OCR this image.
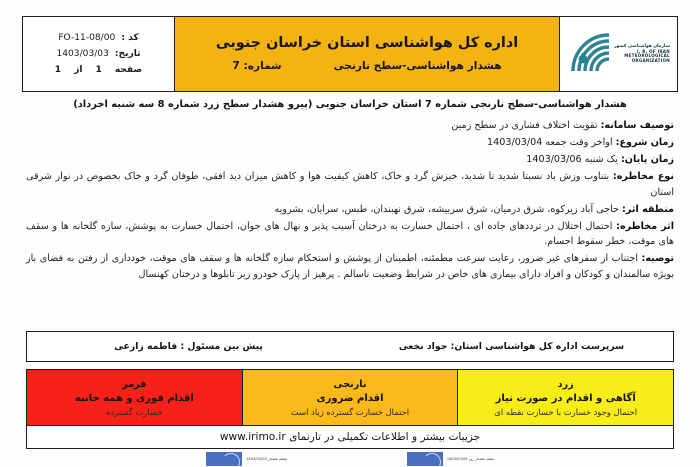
سازمان هواشناسی کشور
I. R. OF IRAN
METEOROLOGICAL
ORGANIZATION
اداره کل هواشناسی استان خراسان جنوبی
هشدار هواشناسی-سطح نارنجی
شماره: 7
کد :
FO-11-08/00
تاریخ:
1403/03/03
صفحه
1
از
1
هشدار هواشناسی-سطح نارنجی شماره 7 استان خراسان جنوبی (پیرو هشدار سطح زرد شماره 8 سه شنبه اخرداد)
توصیف سامانه: تقویت اختلاف فشاری در سطح زمین
زمان شروع: اواخر وقت جمعه 1403/03/04
زمان پایان: یک شنبه 1403/03/06
نوع مخاطره: بتناوب وزش باد نسبتا شدید تا شدید، خیزش گرد و خاک، کاهش کیفیت هوا و کاهش میزان دید افقی، طوفان گرد و خاک بخصوص در نوار شرقی استان
منطقه اثر: حاجی آباد زیرکوه، شرق درمیان، شرق سربیشه، شرق نهبندان، طبس، سرایان، بشرویه
اثر مخاطره: احتمال اختلال در ترددهای جاده ای ، احتمال خسارت به درختان آسیب پذیر و نهال های جوان، احتمال خسارت به پوشش، سازه گلخانه ها و سقف های موقت، خطر سقوط اجسام.
توصیه: اجتناب از سفرهای غیر ضرور، رعایت سرعت مطمئنه، اطمینان از پوشش و استحکام سازه گلخانه ها و سقف های موقت، خودداری از رفتن به فضای باز بویژه سالمندان و کودکان و افراد دارای بیماری های خاص در شرایط وضعیت ناسالم . پرهیز از پارک خودرو زیر تابلوها و درختان کهنسال
سرپرست اداره کل هواشناسی استان: جواد نخعی
پیش بین مسئول : فاطمه زارعی
زرد
آگاهی و اقدام در صورت نیاز
احتمال وجود خسارت با خسارت نقطه ای
نارنجی
اقدام ضروری
احتمال خسارت گسترده زیاد است
قرمز
اقدام فوری و همه جانبه
خسارت گسترده
جزییات بیشتر و اطلاعات تکمیلی در تارنمای www.irimo.ir
نقشه هشدار روز 1403/03/04
نقشه هشدار 1403/03/03
